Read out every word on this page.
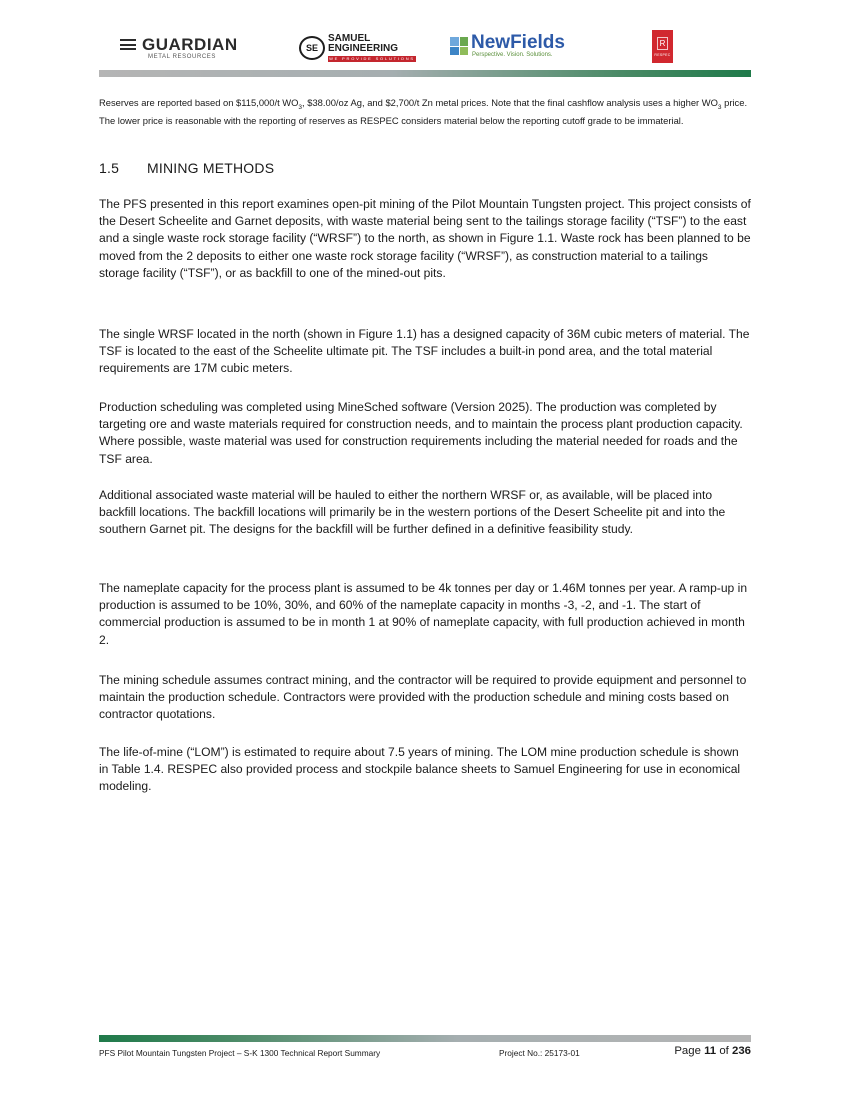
GUARDIAN
METAL RESOURCES
SE
SAMUEL
ENGINEERING
WE PROVIDE SOLUTIONS
NewFields
Perspective. Vision. Solutions.
R
RESPEC
Reserves are reported based on $115,000/t $WO_3$, $38.00/oz Ag, and $2,700/t Zn metal prices. Note that the final cashflow analysis uses a higher $WO_3$ price. The lower price is reasonable with the reporting of reserves as RESPEC considers material below the reporting cutoff grade to be immaterial.
1.5 MINING METHODS

The PFS presented in this report examines open-pit mining of the Pilot Mountain Tungsten project. This project consists of the Desert Scheelite and Garnet deposits, with waste material being sent to the tailings storage facility (“TSF”) to the east and a single waste rock storage facility (“WRSF”) to the north, as shown in Figure 1.1. Waste rock has been planned to be moved from the 2 deposits to either one waste rock storage facility (“WRSF”), as construction material to a tailings storage facility (“TSF”), or as backfill to one of the mined-out pits.

The single WRSF located in the north (shown in Figure 1.1) has a designed capacity of 36M cubic meters of material. The TSF is located to the east of the Scheelite ultimate pit. The TSF includes a built-in pond area, and the total material requirements are 17M cubic meters.

Production scheduling was completed using MineSched software (Version 2025). The production was completed by targeting ore and waste materials required for construction needs, and to maintain the process plant production capacity. Where possible, waste material was used for construction requirements including the material needed for roads and the TSF area.

Additional associated waste material will be hauled to either the northern WRSF or, as available, will be placed into backfill locations. The backfill locations will primarily be in the western portions of the Desert Scheelite pit and into the southern Garnet pit. The designs for the backfill will be further defined in a definitive feasibility study.

The nameplate capacity for the process plant is assumed to be 4k tonnes per day or 1.46M tonnes per year. A ramp-up in production is assumed to be 10%, 30%, and 60% of the nameplate capacity in months -3, -2, and -1. The start of commercial production is assumed to be in month 1 at 90% of nameplate capacity, with full production achieved in month 2.

The mining schedule assumes contract mining, and the contractor will be required to provide equipment and personnel to maintain the production schedule. Contractors were provided with the production schedule and mining costs based on contractor quotations.

The life-of-mine (“LOM”) is estimated to require about 7.5 years of mining. The LOM mine production schedule is shown in Table 1.4. RESPEC also provided process and stockpile balance sheets to Samuel Engineering for use in economical modeling.

PFS Pilot Mountain Tungsten Project – S-K 1300 Technical Report Summary	Project No.: 25173-01	Page 11 of 236
